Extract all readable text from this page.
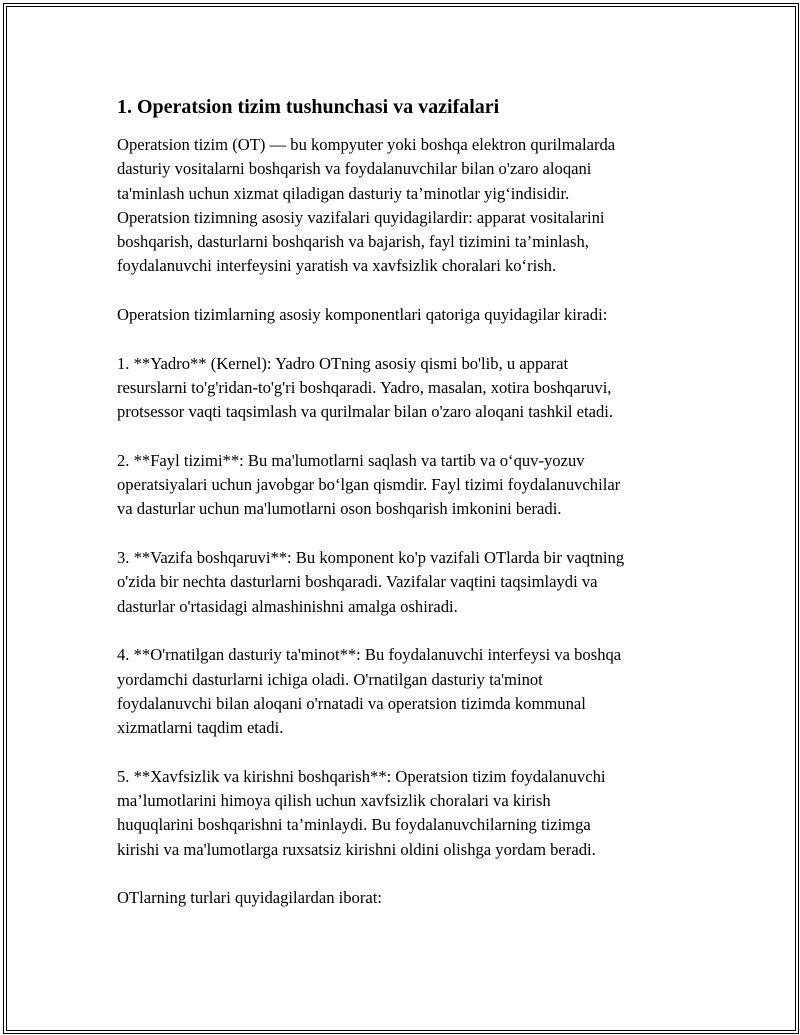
1. Operatsion tizim tushunchasi va vazifalari
Operatsion tizim (OT) — bu kompyuter yoki boshqa elektron qurilmalarda
dasturiy vositalarni boshqarish va foydalanuvchilar bilan o'zaro aloqani
ta'minlash uchun xizmat qiladigan dasturiy ta’minotlar yig‘indisidir.
Operatsion tizimning asosiy vazifalari quyidagilardir: apparat vositalarini
boshqarish, dasturlarni boshqarish va bajarish, fayl tizimini ta’minlash,
foydalanuvchi interfeysini yaratish va xavfsizlik choralari ko‘rish.
Operatsion tizimlarning asosiy komponentlari qatoriga quyidagilar kiradi:
1. **Yadro** (Kernel): Yadro OTning asosiy qismi bo'lib, u apparat
resurslarni to'g'ridan-to'g'ri boshqaradi. Yadro, masalan, xotira boshqaruvi,
protsessor vaqti taqsimlash va qurilmalar bilan o'zaro aloqani tashkil etadi.
2. **Fayl tizimi**: Bu ma'lumotlarni saqlash va tartib va o‘quv-yozuv
operatsiyalari uchun javobgar bo‘lgan qismdir. Fayl tizimi foydalanuvchilar
va dasturlar uchun ma'lumotlarni oson boshqarish imkonini beradi.
3. **Vazifa boshqaruvi**: Bu komponent ko'p vazifali OTlarda bir vaqtning
o'zida bir nechta dasturlarni boshqaradi. Vazifalar vaqtini taqsimlaydi va
dasturlar o'rtasidagi almashinishni amalga oshiradi.
4. **O'rnatilgan dasturiy ta'minot**: Bu foydalanuvchi interfeysi va boshqa
yordamchi dasturlarni ichiga oladi. O'rnatilgan dasturiy ta'minot
foydalanuvchi bilan aloqani o'rnatadi va operatsion tizimda kommunal
xizmatlarni taqdim etadi.
5. **Xavfsizlik va kirishni boshqarish**: Operatsion tizim foydalanuvchi
ma’lumotlarini himoya qilish uchun xavfsizlik choralari va kirish
huquqlarini boshqarishni ta’minlaydi. Bu foydalanuvchilarning tizimga
kirishi va ma'lumotlarga ruxsatsiz kirishni oldini olishga yordam beradi.
OTlarning turlari quyidagilardan iborat:
